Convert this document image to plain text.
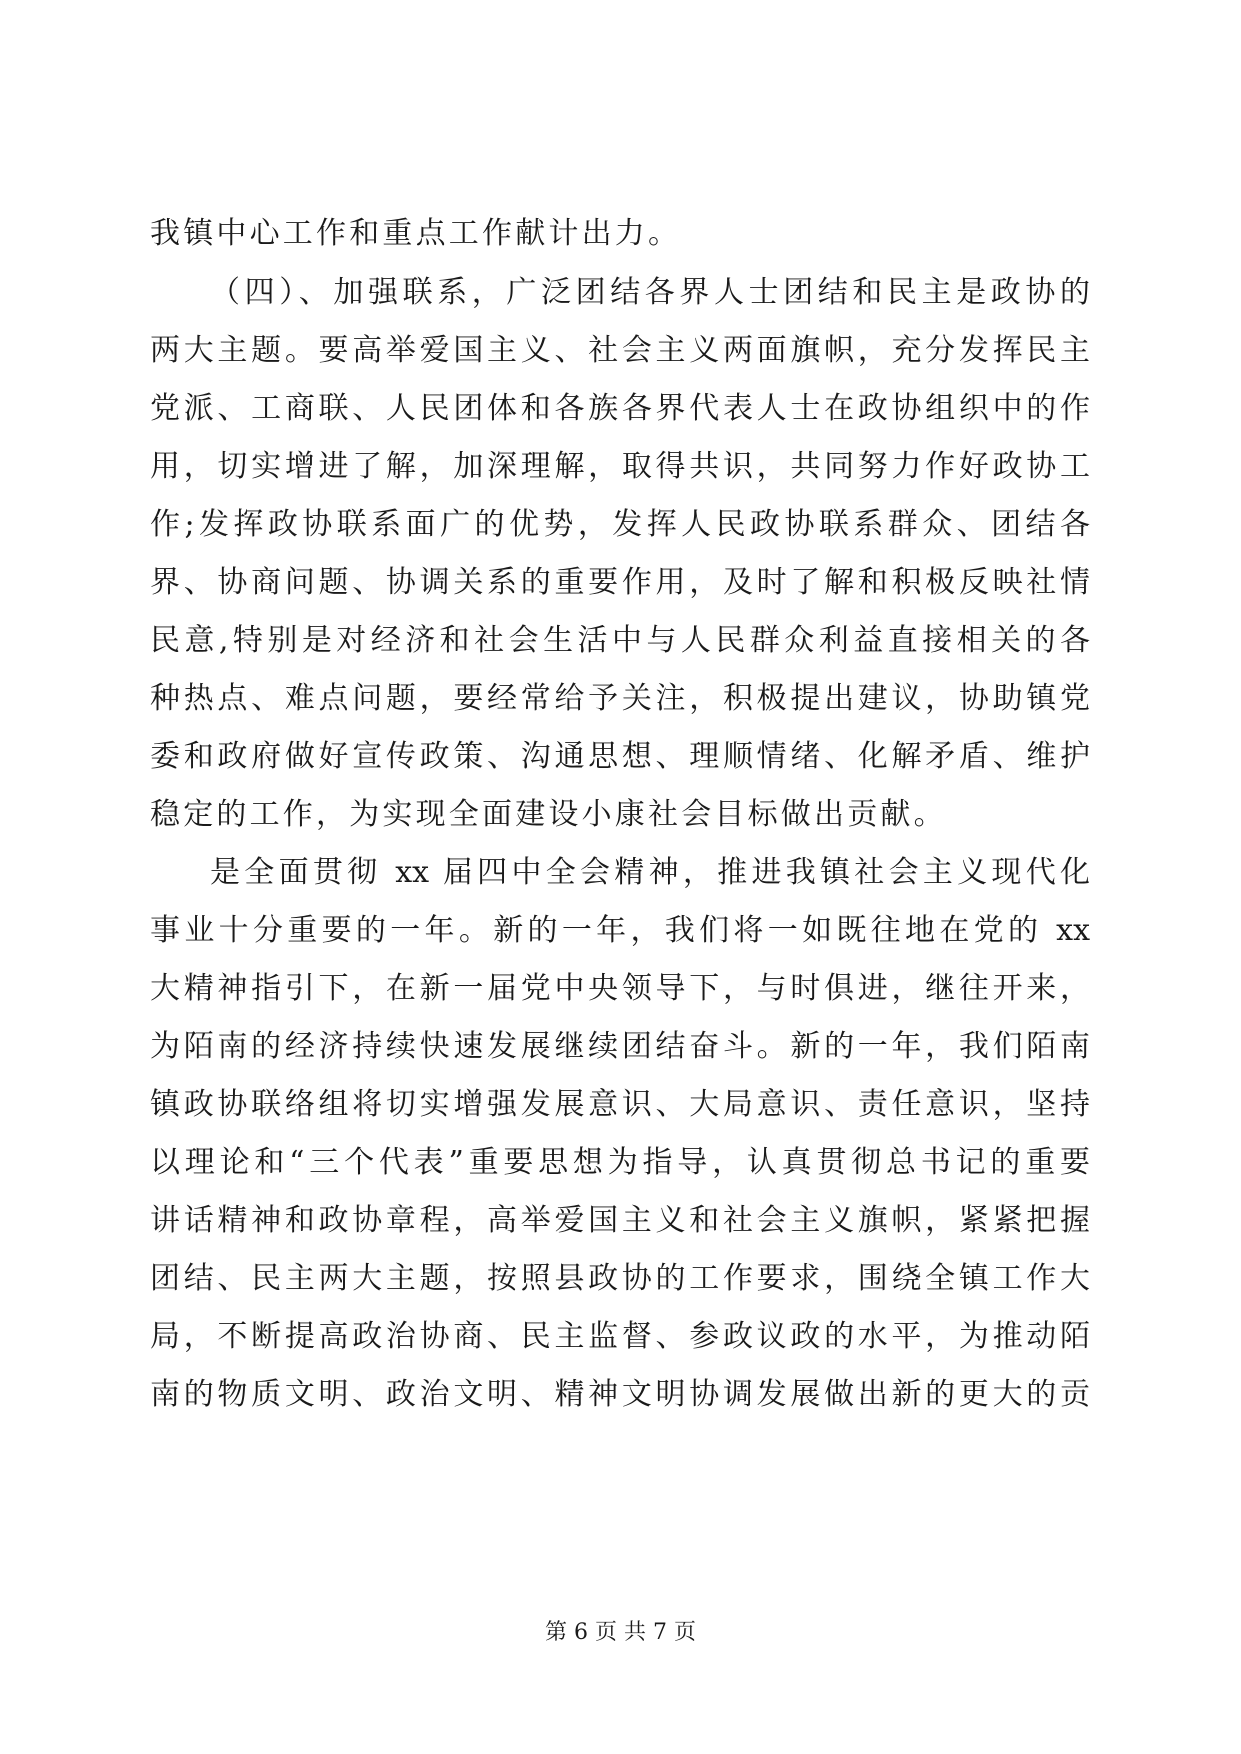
我镇中心工作和重点工作献计出力。
（四）、加强联系，广泛团结各界人士团结和民主是政协的
两大主题。要高举爱国主义、社会主义两面旗帜，充分发挥民主
党派、工商联、人民团体和各族各界代表人士在政协组织中的作
用，切实增进了解，加深理解，取得共识，共同努力作好政协工
作;发挥政协联系面广的优势，发挥人民政协联系群众、团结各
界、协商问题、协调关系的重要作用，及时了解和积极反映社情
民意,特别是对经济和社会生活中与人民群众利益直接相关的各
种热点、难点问题，要经常给予关注，积极提出建议，协助镇党
委和政府做好宣传政策、沟通思想、理顺情绪、化解矛盾、维护
稳定的工作，为实现全面建设小康社会目标做出贡献。
是全面贯彻 xx 届四中全会精神，推进我镇社会主义现代化
事业十分重要的一年。新的一年，我们将一如既往地在党的 xx
大精神指引下，在新一届党中央领导下，与时俱进，继往开来，
为陌南的经济持续快速发展继续团结奋斗。新的一年，我们陌南
镇政协联络组将切实增强发展意识、大局意识、责任意识，坚持
以理论和“三个代表”重要思想为指导，认真贯彻总书记的重要
讲话精神和政协章程，高举爱国主义和社会主义旗帜，紧紧把握
团结、民主两大主题，按照县政协的工作要求，围绕全镇工作大
局，不断提高政治协商、民主监督、参政议政的水平，为推动陌
南的物质文明、政治文明、精神文明协调发展做出新的更大的贡
第 6 页 共 7 页
